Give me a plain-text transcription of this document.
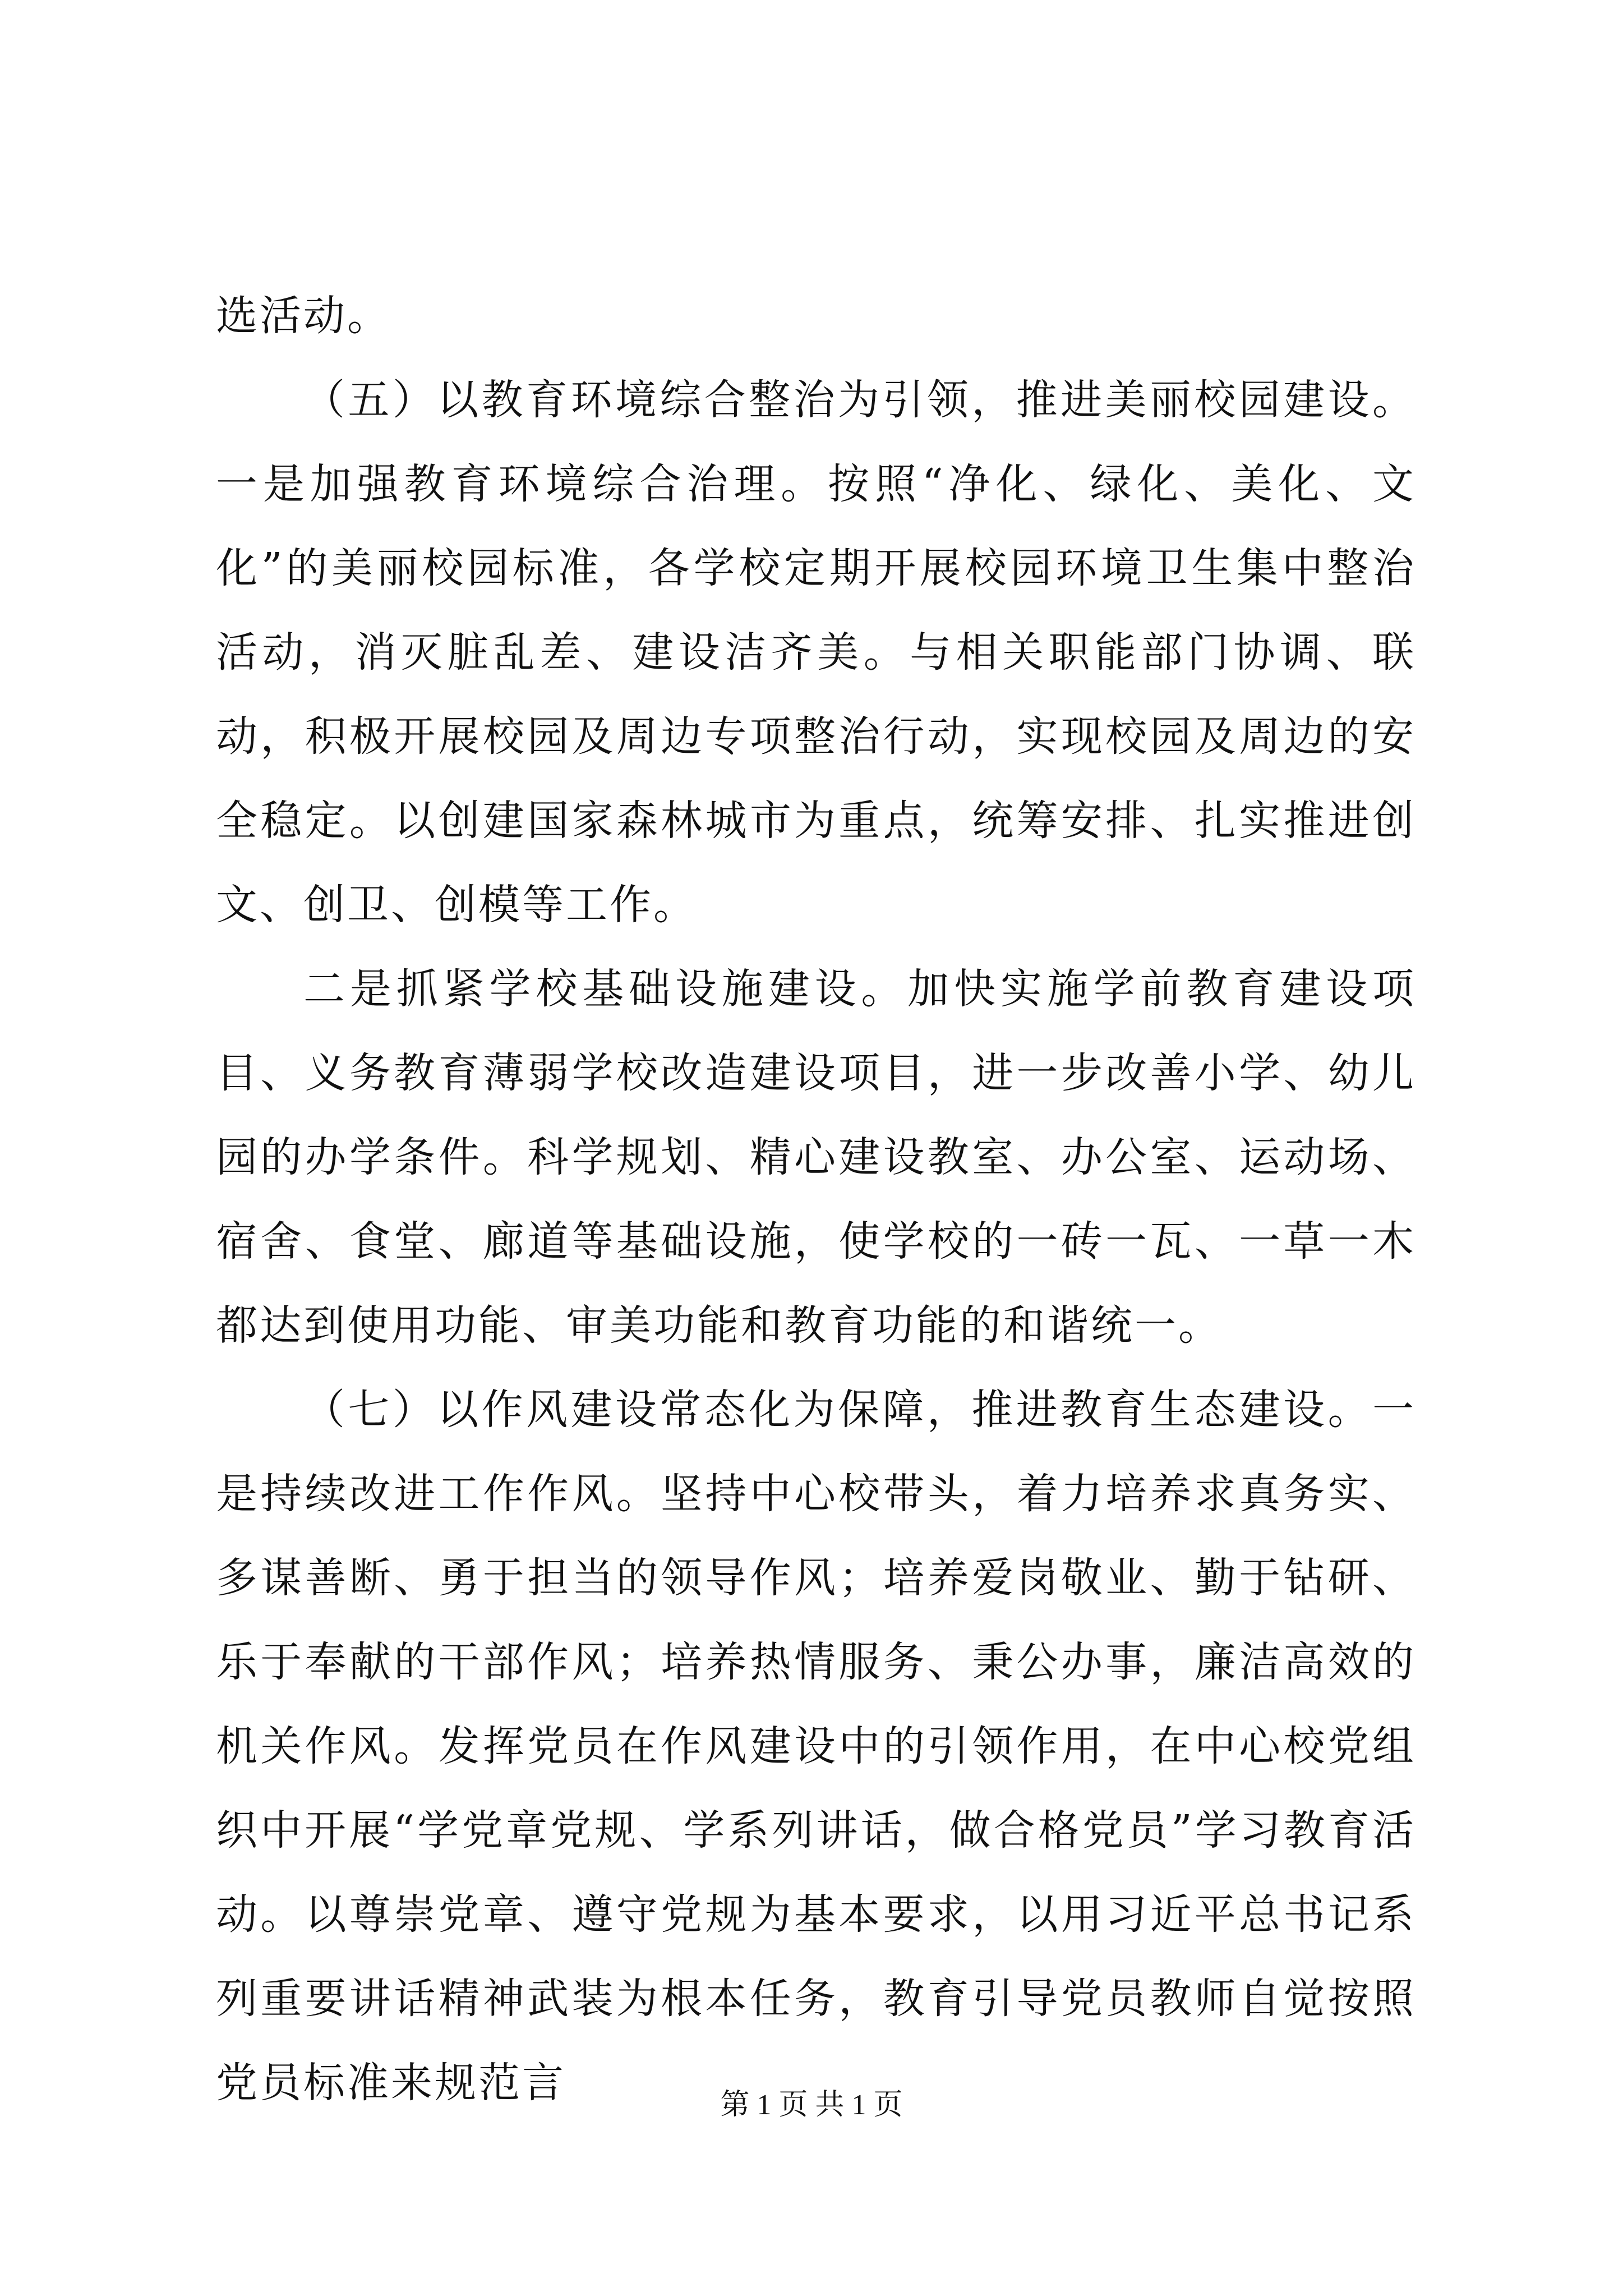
选活动。

（五）以教育环境综合整治为引领，推进美丽校园建设。一是加强教育环境综合治理。按照“净化、绿化、美化、文化”的美丽校园标准，各学校定期开展校园环境卫生集中整治活动，消灭脏乱差、建设洁齐美。与相关职能部门协调、联动，积极开展校园及周边专项整治行动，实现校园及周边的安全稳定。以创建国家森林城市为重点，统筹安排、扎实推进创文、创卫、创模等工作。

二是抓紧学校基础设施建设。加快实施学前教育建设项目、义务教育薄弱学校改造建设项目，进一步改善小学、幼儿园的办学条件。科学规划、精心建设教室、办公室、运动场、宿舍、食堂、廊道等基础设施，使学校的一砖一瓦、一草一木都达到使用功能、审美功能和教育功能的和谐统一。

（七）以作风建设常态化为保障，推进教育生态建设。一是持续改进工作作风。坚持中心校带头，着力培养求真务实、多谋善断、勇于担当的领导作风；培养爱岗敬业、勤于钻研、乐于奉献的干部作风；培养热情服务、秉公办事，廉洁高效的机关作风。发挥党员在作风建设中的引领作用，在中心校党组织中开展“学党章党规、学系列讲话，做合格党员”学习教育活动。以尊崇党章、遵守党规为基本要求，以用习近平总书记系列重要讲话精神武装为根本任务，教育引导党员教师自觉按照党员标准来规范言	第 1 页 共 1 页
